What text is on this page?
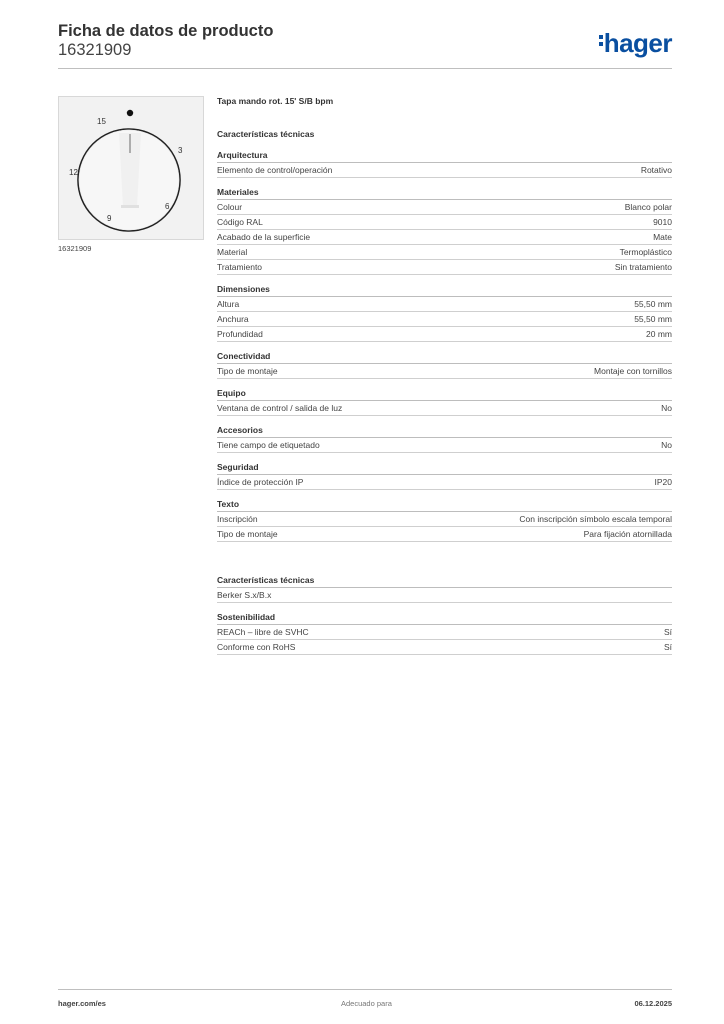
Ficha de datos de producto
16321909	hager
15
3
12
6
9
16321909
Tapa mando rot. 15' S/B bpm
Características técnicas
Arquitectura
Elemento de control/operación	Rotativo
Materiales
Colour	Blanco polar
Código RAL	9010
Acabado de la superficie	Mate
Material	Termoplástico
Tratamiento	Sin tratamiento
Dimensiones
Altura	55,50 mm
Anchura	55,50 mm
Profundidad	20 mm
Conectividad
Tipo de montaje	Montaje con tornillos
Equipo
Ventana de control / salida de luz	No
Accesorios
Tiene campo de etiquetado	No
Seguridad
Índice de protección IP	IP20
Texto
Inscripción	Con inscripción símbolo escala temporal
Tipo de montaje	Para fijación atornillada
Características técnicas
Berker S.x/B.x
Sostenibilidad
REACh – libre de SVHC	Sí
Conforme con RoHS	Sí
hager.com/es	Adecuado para	06.12.2025
